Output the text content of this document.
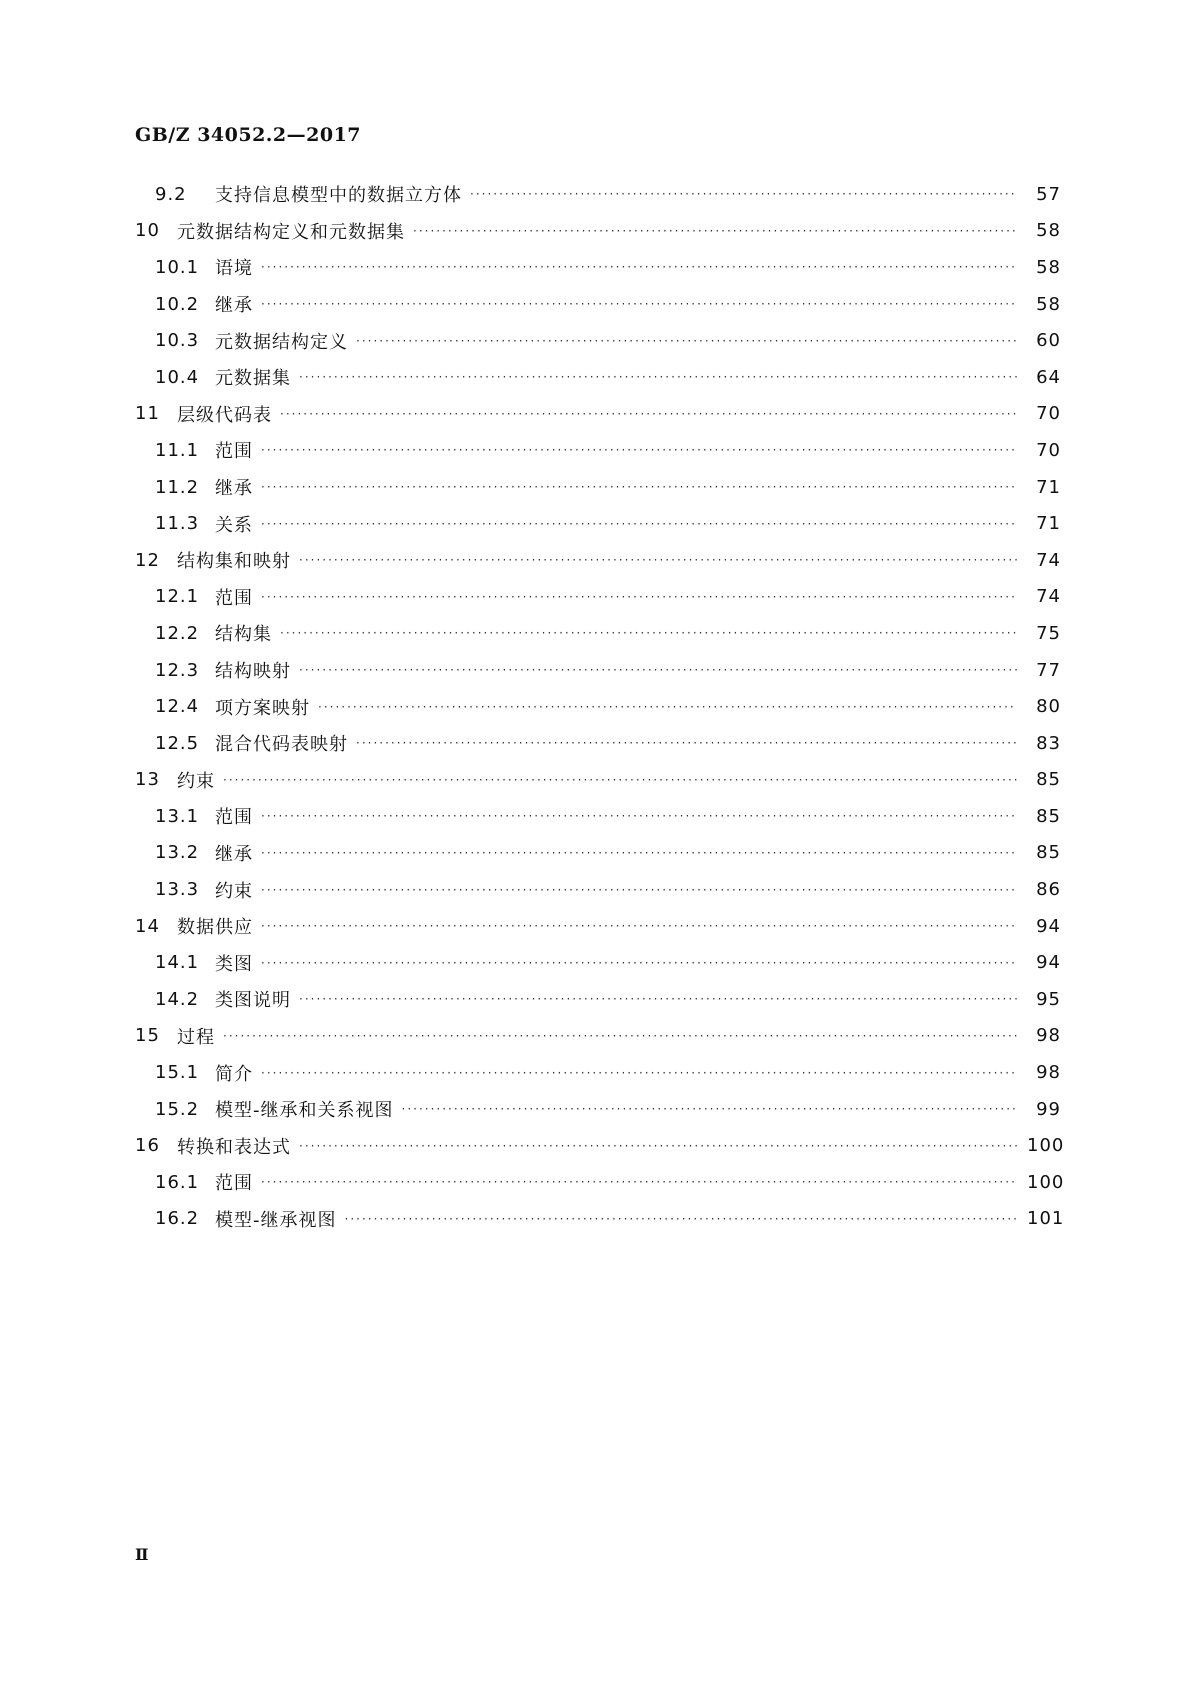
GB/Z 34052.2—2017
9.2	支持信息模型中的数据立方体 ·····	57
10 元数据结构定义和元数据集 ·····	58
10.1 语境 ·····	58
10.2 继承 ·····	58
10.3 元数据结构定义 ·····	60
10.4 元数据集 ·····	64
11 层级代码表 ·····	70
11.1 范围 ·····	70
11.2 继承 ·····	71
11.3 关系 ·····	71
12 结构集和映射 ·····	74
12.1 范围 ·····	74
12.2 结构集 ·····	75
12.3 结构映射 ·····	77
12.4 项方案映射 ·····	80
12.5 混合代码表映射 ·····	83
13 约束 ·····	85
13.1 范围 ·····	85
13.2 继承 ·····	85
13.3 约束 ·····	86
14 数据供应 ·····	94
14.1 类图 ·····	94
14.2 类图说明 ·····	95
15 过程 ·····	98
15.1 简介 ·····	98
15.2 模型-继承和关系视图 ·····	99
16 转换和表达式 ·····	100
16.1 范围 ·····	100
16.2 模型-继承视图 ·····	101
Ⅱ
